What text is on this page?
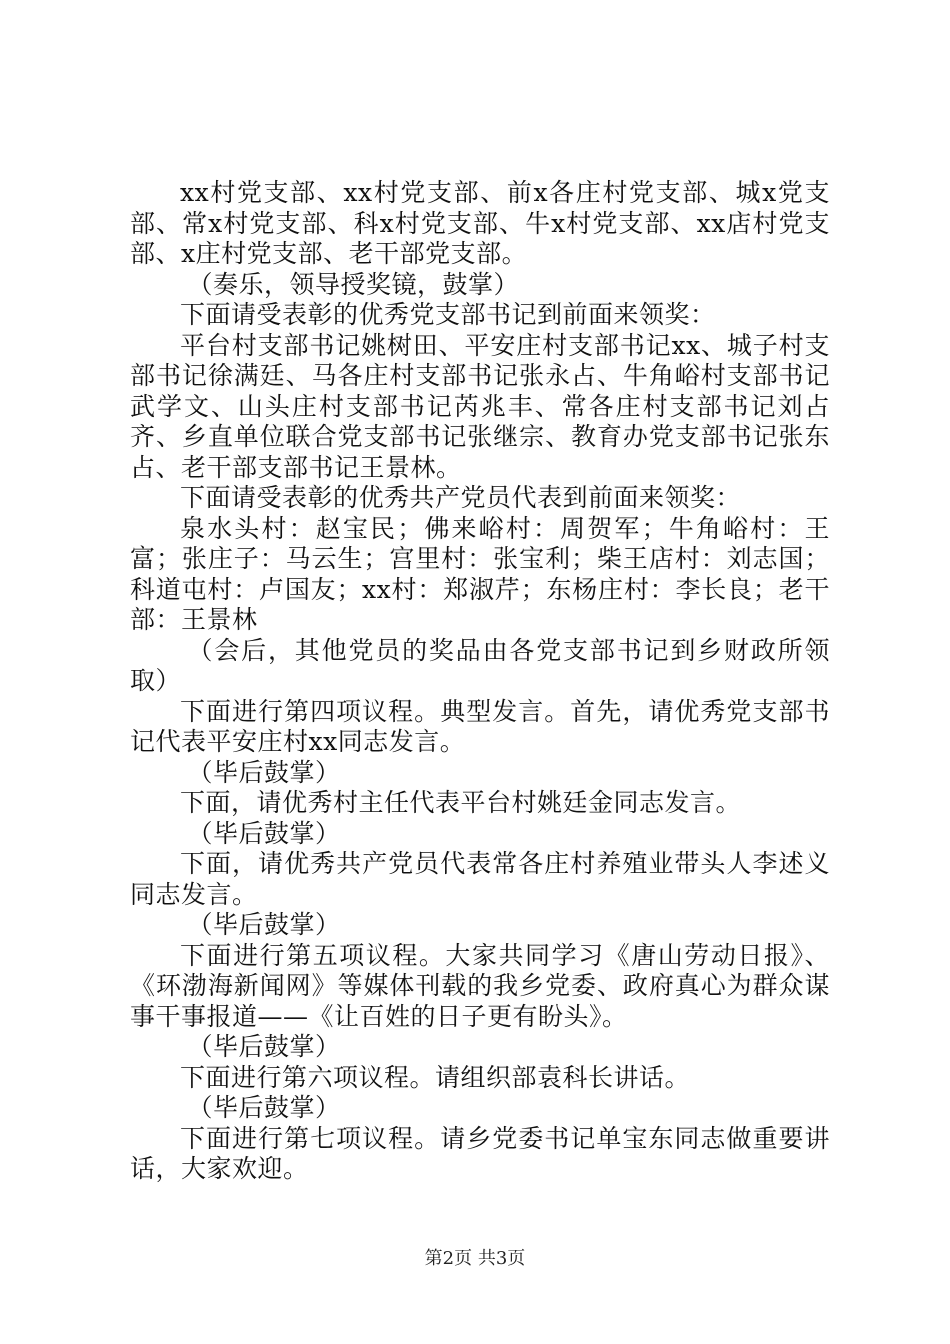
xx村党支部、xx村党支部、前x各庄村党支部、城x党支部、常x村党支部、科x村党支部、牛x村党支部、xx店村党支部、x庄村党支部、老干部党支部。

（奏乐，领导授奖镜，鼓掌）

下面请受表彰的优秀党支部书记到前面来领奖：

平台村支部书记姚树田、平安庄村支部书记xx、城子村支部书记徐满廷、马各庄村支部书记张永占、牛角峪村支部书记武学文、山头庄村支部书记芮兆丰、常各庄村支部书记刘占齐、乡直单位联合党支部书记张继宗、教育办党支部书记张东占、老干部支部书记王景林。

下面请受表彰的优秀共产党员代表到前面来领奖：

泉水头村：赵宝民；佛来峪村：周贺军；牛角峪村：王富；张庄子：马云生；宫里村：张宝利；柴王店村：刘志国；科道屯村：卢国友；xx村：郑淑芹；东杨庄村：李长良；老干部：王景林

（会后，其他党员的奖品由各党支部书记到乡财政所领取）

下面进行第四项议程。典型发言。首先，请优秀党支部书记代表平安庄村xx同志发言。

（毕后鼓掌）

下面，请优秀村主任代表平台村姚廷金同志发言。

（毕后鼓掌）

下面，请优秀共产党员代表常各庄村养殖业带头人李述义同志发言。

（毕后鼓掌）

下面进行第五项议程。大家共同学习《唐山劳动日报》、《环渤海新闻网》等媒体刊载的我乡党委、政府真心为群众谋事干事报道——《让百姓的日子更有盼头》。

（毕后鼓掌）

下面进行第六项议程。请组织部袁科长讲话。

（毕后鼓掌）

下面进行第七项议程。请乡党委书记单宝东同志做重要讲话，大家欢迎。

第2页 共3页
